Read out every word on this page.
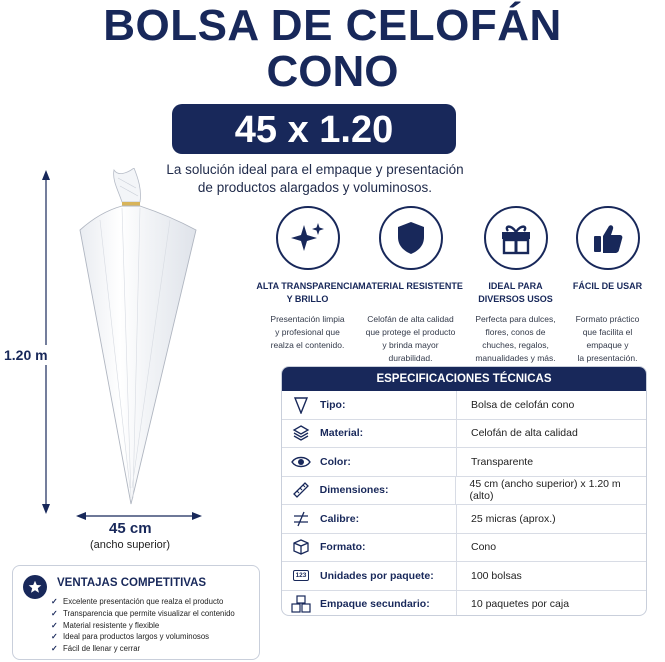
BOLSA DE CELOFÁN
CONO
45 x 1.20
La solución ideal para el empaque y presentación
de productos alargados y voluminosos.
1.20 m
45 cm
(ancho superior)
ALTA TRANSPARENCIA
Y BRILLO
Presentación limpia
y profesional que
realza el contenido.
MATERIAL RESISTENTE
Celofán de alta calidad
que protege el producto
y brinda mayor
durabilidad.
IDEAL PARA
DIVERSOS USOS
Perfecta para dulces,
flores, conos de
chuches, regalos,
manualidades y más.
FÁCIL DE USAR
Formato práctico
que facilita el
empaque y
la presentación.
ESPECIFICACIONES TÉCNICAS
Tipo:	Bolsa de celofán cono
Material:	Celofán de alta calidad
Color:	Transparente
Dimensiones:	45 cm (ancho superior) x 1.20 m (alto)
Calibre:	25 micras (aprox.)
Formato:	Cono
123 Unidades por paquete:	100 bolsas
Empaque secundario:	10 paquetes por caja
VENTAJAS COMPETITIVAS
✓ Excelente presentación que realza el producto
✓ Transparencia que permite visualizar el contenido
✓ Material resistente y flexible
✓ Ideal para productos largos y voluminosos
✓ Fácil de llenar y cerrar
